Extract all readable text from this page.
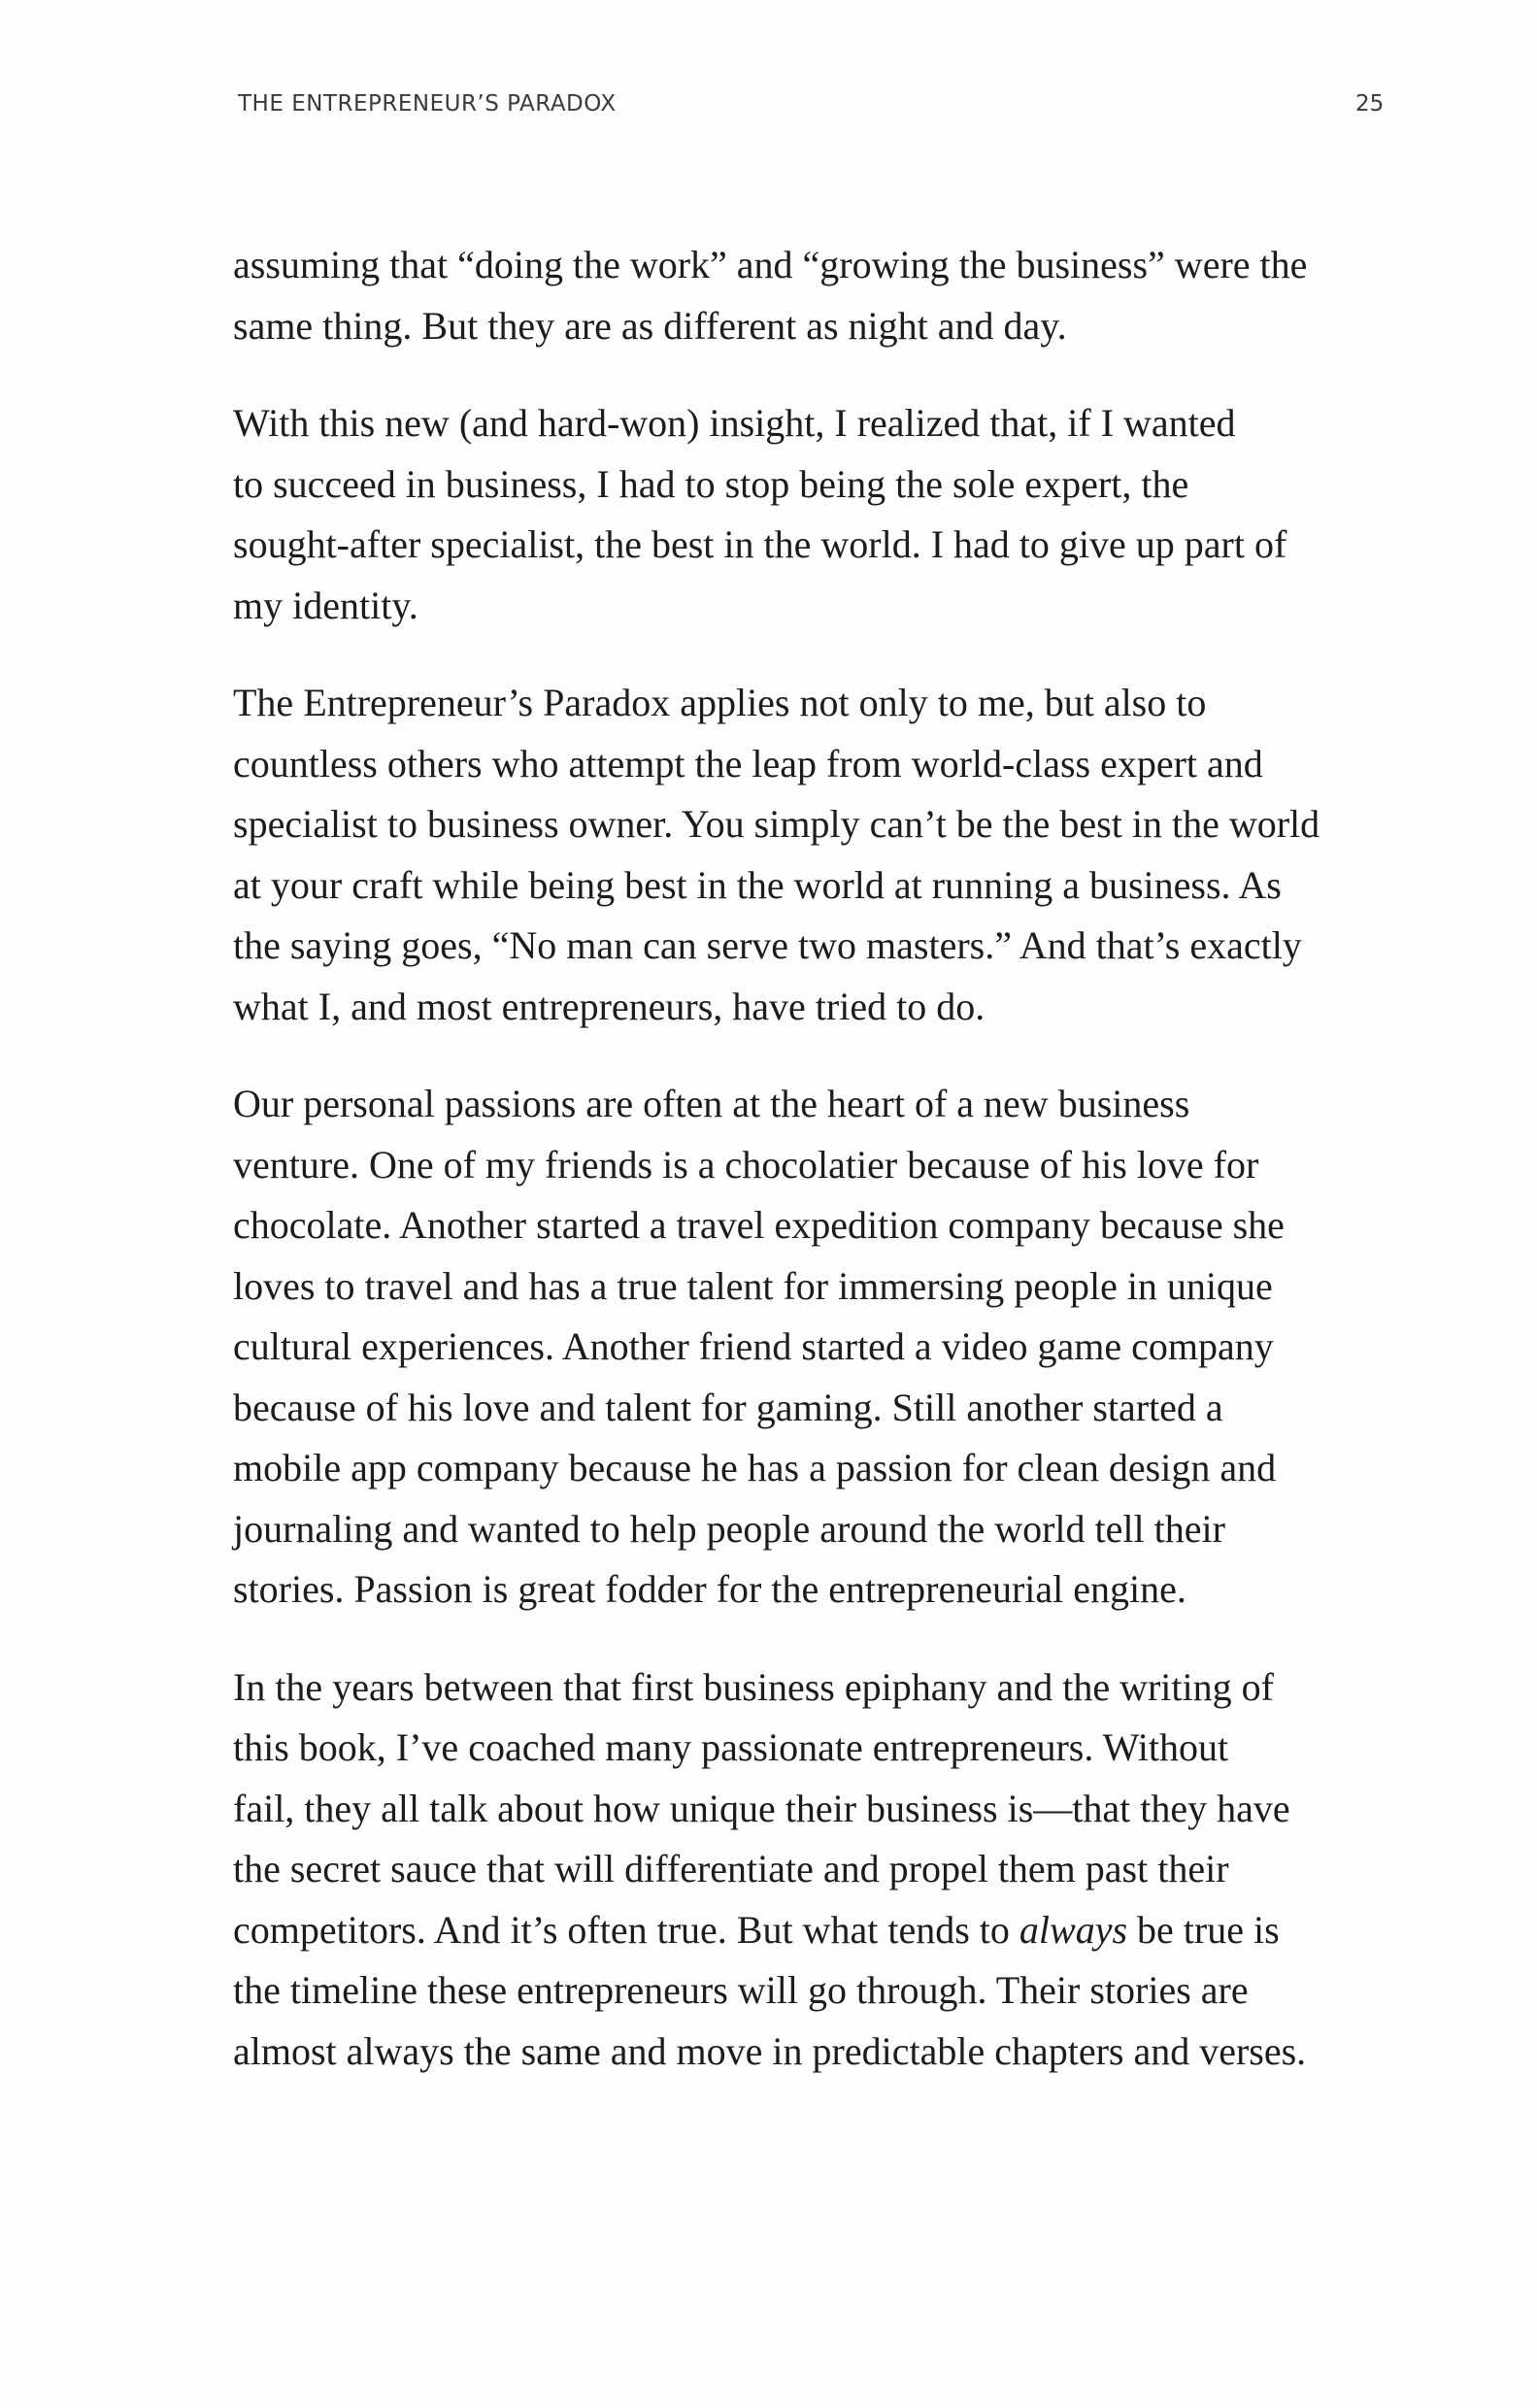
THE ENTREPRENEUR’S PARADOX	25

assuming that “doing the work” and “growing the business” were the
same thing. But they are as different as night and day.

With this new (and hard-won) insight, I realized that, if I wanted
to succeed in business, I had to stop being the sole expert, the
sought-after specialist, the best in the world. I had to give up part of
my identity.

The Entrepreneur’s Paradox applies not only to me, but also to
countless others who attempt the leap from world-class expert and
specialist to business owner. You simply can’t be the best in the world
at your craft while being best in the world at running a business. As
the saying goes, “No man can serve two masters.” And that’s exactly
what I, and most entrepreneurs, have tried to do.

Our personal passions are often at the heart of a new business
venture. One of my friends is a chocolatier because of his love for
chocolate. Another started a travel expedition company because she
loves to travel and has a true talent for immersing people in unique
cultural experiences. Another friend started a video game company
because of his love and talent for gaming. Still another started a
mobile app company because he has a passion for clean design and
journaling and wanted to help people around the world tell their
stories. Passion is great fodder for the entrepreneurial engine.

In the years between that first business epiphany and the writing of
this book, I’ve coached many passionate entrepreneurs. Without
fail, they all talk about how unique their business is—that they have
the secret sauce that will differentiate and propel them past their
competitors. And it’s often true. But what tends to always be true is
the timeline these entrepreneurs will go through. Their stories are
almost always the same and move in predictable chapters and verses.
